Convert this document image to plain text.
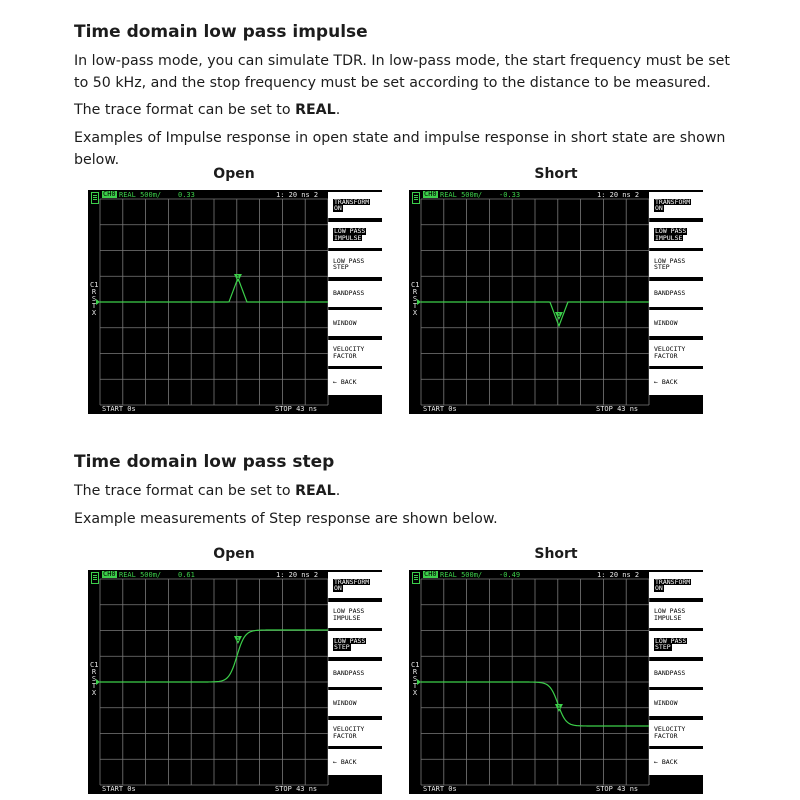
Time domain low pass impulse

In low-pass mode, you can simulate TDR. In low-pass mode, the start frequency must be set to 50 kHz, and the stop frequency must be set according to the distance to be measured.

The trace format can be set to REAL.

Examples of Impulse response in open state and impulse response in short state are shown below.

Open	Short
1
CH0 REAL 500m/ 0.33	1: 20 ns 2
START 0s	STOP 43 ns
C1
R
S
T
X
TRANSFORM
ON
LOW PASS
IMPULSE
LOW PASS
STEP
BANDPASS
WINDOW
VELOCITY
FACTOR
← BACK
1
CH0 REAL 500m/ -0.33	1: 20 ns 2
START 0s	STOP 43 ns
C1
R
S
T
X
TRANSFORM
ON
LOW PASS
IMPULSE
LOW PASS
STEP
BANDPASS
WINDOW
VELOCITY
FACTOR
← BACK
Time domain low pass step

The trace format can be set to REAL.

Example measurements of Step response are shown below.

Open	Short
1
CH0 REAL 500m/ 0.61	1: 20 ns 2
START 0s	STOP 43 ns
C1
R
S
T
X
TRANSFORM
ON
LOW PASS
IMPULSE
LOW PASS
STEP
BANDPASS
WINDOW
VELOCITY
FACTOR
← BACK
1
CH0 REAL 500m/ -0.49	1: 20 ns 2
START 0s	STOP 43 ns
C1
R
S
T
X
TRANSFORM
ON
LOW PASS
IMPULSE
LOW PASS
STEP
BANDPASS
WINDOW
VELOCITY
FACTOR
← BACK
